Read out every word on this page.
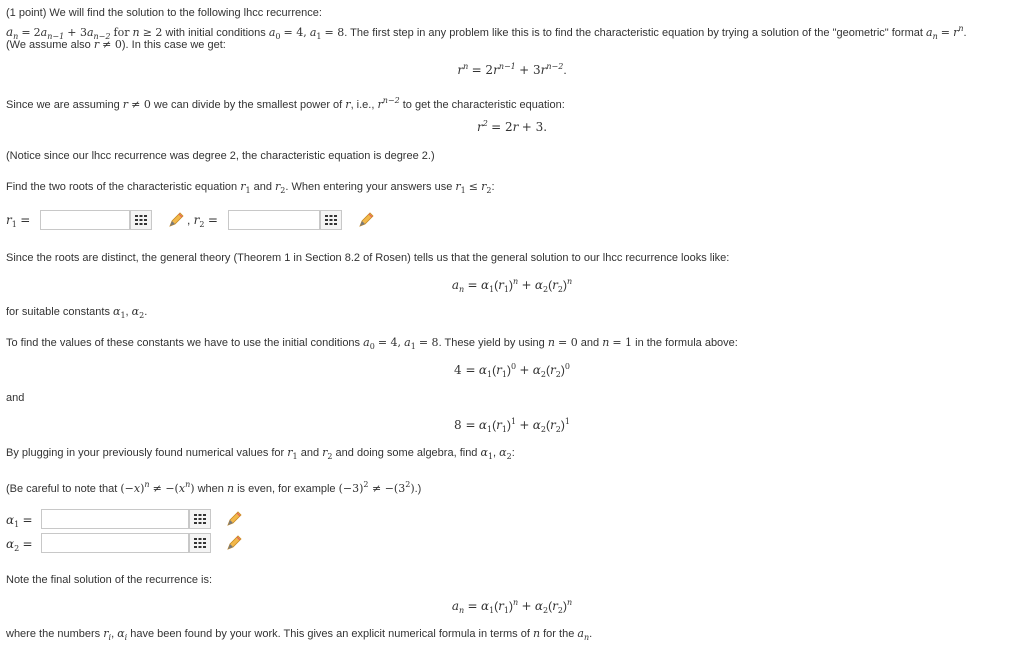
(1 point) We will find the solution to the following lhcc recurrence:
$a_n = 2a_{n-1} + 3a_{n-2}$ for n ≥ 2 with initial conditions $a_0 = 4$, $a_1 = 8$. The first step in any problem like this is to find the characteristic equation by trying a solution of the "geometric" format $a_n = r^n$.
(We assume also r ≠ 0). In this case we get:
$r^n = 2r^{n-1} + 3r^{n-2}$.
Since we are assuming r ≠ 0 we can divide by the smallest power of r, i.e., $r^{n-2}$ to get the characteristic equation:
$r^2 = 2r + 3$.
(Notice since our lhcc recurrence was degree 2, the characteristic equation is degree 2.)
Find the two roots of the characteristic equation $r_1$ and $r_2$. When entering your answers use $r_1 \le r_2$:
$r_1$ =	, $r_2$ =
Since the roots are distinct, the general theory (Theorem 1 in Section 8.2 of Rosen) tells us that the general solution to our lhcc recurrence looks like:
$a_n = \alpha_1(r_1)^n + \alpha_2(r_2)^n$
for suitable constants $\alpha_1$, $\alpha_2$.
To find the values of these constants we have to use the initial conditions $a_0 = 4$, $a_1 = 8$. These yield by using n = 0 and n = 1 in the formula above:
$4 = \alpha_1(r_1)^0 + \alpha_2(r_2)^0$
and
$8 = \alpha_1(r_1)^1 + \alpha_2(r_2)^1$
By plugging in your previously found numerical values for $r_1$ and $r_2$ and doing some algebra, find $\alpha_1$, $\alpha_2$:
(Be careful to note that $(-x)^n \ne -(x^n)$ when n is even, for example $(-3)^2 \ne -(3^2)$.)
$\alpha_1$ =
$\alpha_2$ =
Note the final solution of the recurrence is:
$a_n = \alpha_1(r_1)^n + \alpha_2(r_2)^n$
where the numbers $r_i$, $\alpha_i$ have been found by your work. This gives an explicit numerical formula in terms of n for the $a_n$.
